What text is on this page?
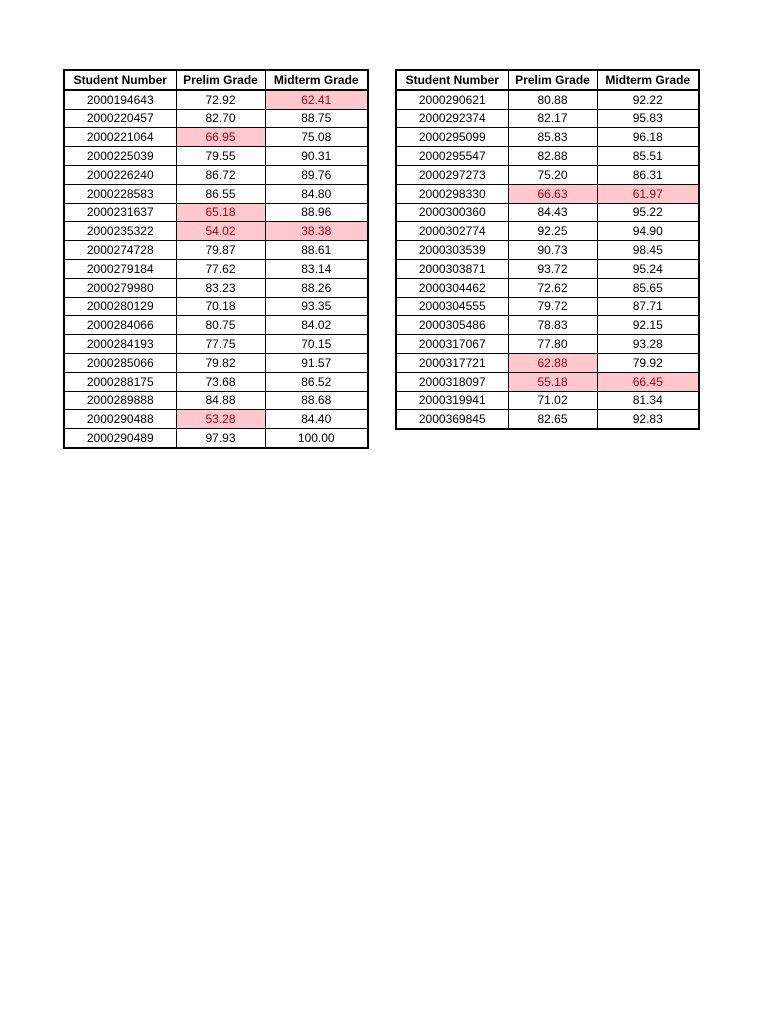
Student Number	Prelim Grade	Midterm Grade
2000194643	72.92	62.41
2000220457	82.70	88.75
2000221064	66.95	75.08
2000225039	79.55	90.31
2000226240	86.72	89.76
2000228583	86.55	84.80
2000231637	65.18	88.96
2000235322	54.02	38.38
2000274728	79.87	88.61
2000279184	77.62	83.14
2000279980	83.23	88.26
2000280129	70.18	93.35
2000284066	80.75	84.02
2000284193	77.75	70.15
2000285066	79.82	91.57
2000288175	73.68	86.52
2000289888	84.88	88.68
2000290488	53.28	84.40
2000290489	97.93	100.00
Student Number	Prelim Grade	Midterm Grade
2000290621	80.88	92.22
2000292374	82.17	95.83
2000295099	85.83	96.18
2000295547	82.88	85.51
2000297273	75.20	86.31
2000298330	66.63	61.97
2000300360	84.43	95.22
2000302774	92.25	94.90
2000303539	90.73	98.45
2000303871	93.72	95.24
2000304462	72.62	85.65
2000304555	79.72	87.71
2000305486	78.83	92.15
2000317067	77.80	93.28
2000317721	62.88	79.92
2000318097	55.18	66.45
2000319941	71.02	81.34
2000369845	82.65	92.83
